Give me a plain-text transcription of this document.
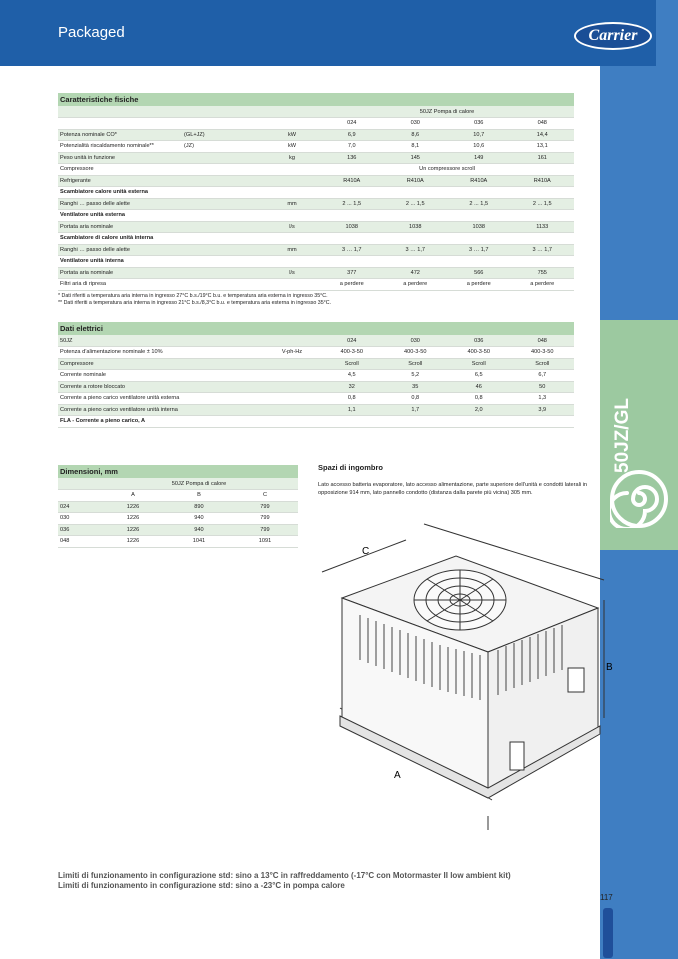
Packaged	Carrier
50JZ/GL
Caratteristiche fisiche
			50JZ Pompa di calore			
			024	030	036	048
Potenza nominale CO*	(GL+JZ)	kW	6,9	8,6	10,7	14,4
Potenzialità riscaldamento nominale**	(JZ)	kW	7,0	8,1	10,6	13,1
Peso unità in funzione		kg	136	145	149	161
Compressore			Un compressore scroll			
Refrigerante			R410A	R410A	R410A	R410A
Scambiatore calore unità esterna						
Ranghi … passo delle alette		mm	2 ... 1,5	2 ... 1,5	2 ... 1,5	2 ... 1,5
Ventilatore unità esterna						
Portata aria nominale		l/s	1038	1038	1038	1133
Scambiatore di calore unità interna						
Ranghi … passo delle alette		mm	3 … 1,7	3 … 1,7	3 … 1,7	3 … 1,7
Ventilatore unità interna						
Portata aria nominale		l/s	377	472	566	755
Filtri aria di ripresa			a perdere	a perdere	a perdere	a perdere
* Dati riferiti a temperatura aria interna in ingresso 27°C b.s./19°C b.u. e temperatura aria esterna in ingresso 35°C.
** Dati riferiti a temperatura aria interna in ingresso 21°C b.s./8,3°C b.u. e temperatura aria esterna in ingresso 35°C.
Dati elettrici
50JZ		024	030	036	048
Potenza d’alimentazione nominale ± 10%	V-ph-Hz	400-3-50	400-3-50	400-3-50	400-3-50
Compressore		Scroll	Scroll	Scroll	Scroll
Corrente nominale		4,5	5,2	6,5	6,7
Corrente a rotore bloccato		32	35	46	50
Corrente a pieno carico ventilatore unità esterna		0,8	0,8	0,8	1,3
Corrente a pieno carico ventilatore unità interna		1,1	1,7	2,0	3,9
FLA - Corrente a pieno carico, A					
Dimensioni, mm
	50JZ Pompa di calore		
	A	B	C
024	1226	890	799
030	1226	940	799
036	1226	940	799
048	1226	1041	1091
Spazi di ingombro
Lato accesso batteria evaporatore, lato accesso alimentazione, parte superiore dell’unità e condotti laterali in opposizione 914 mm, lato pannello condotto (distanza dalla parete più vicina) 305 mm.
C
B
A
Limiti di funzionamento in configurazione std: sino a 13°C in raffreddamento (-17°C con Motormaster II low ambient kit)
Limiti di funzionamento in configurazione std: sino a -23°C in pompa calore
117
